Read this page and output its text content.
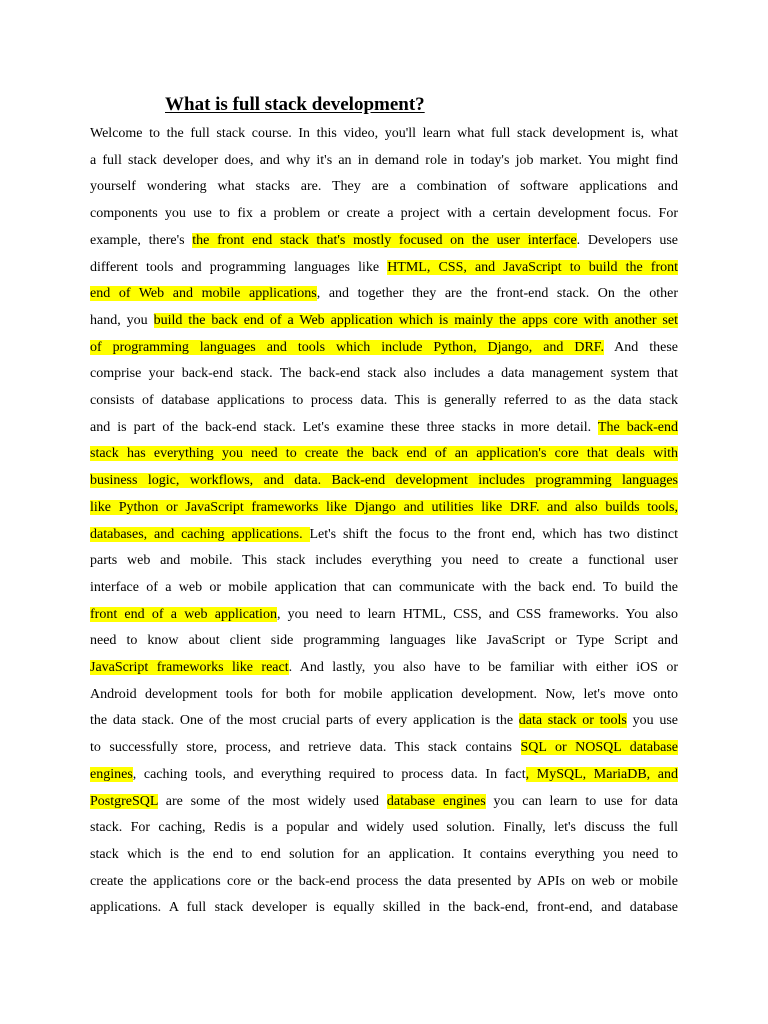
What is full stack development?
Welcome to the full stack course. In this video, you'll learn what full stack development is, what
a full stack developer does, and why it's an in demand role in today's job market. You might find
yourself wondering what stacks are. They are a combination of software applications and
components you use to fix a problem or create a project with a certain development focus. For
example, there's the front end stack that's mostly focused on the user interface. Developers use
different tools and programming languages like HTML, CSS, and JavaScript to build the front
end of Web and mobile applications, and together they are the front-end stack. On the other
hand, you build the back end of a Web application which is mainly the apps core with another set
of programming languages and tools which include Python, Django, and DRF. And these
comprise your back-end stack. The back-end stack also includes a data management system that
consists of database applications to process data. This is generally referred to as the data stack
and is part of the back-end stack. Let's examine these three stacks in more detail. The back-end
stack has everything you need to create the back end of an application's core that deals with
business logic, workflows, and data. Back-end development includes programming languages
like Python or JavaScript frameworks like Django and utilities like DRF. and also builds tools,
databases, and caching applications. Let's shift the focus to the front end, which has two distinct
parts web and mobile. This stack includes everything you need to create a functional user
interface of a web or mobile application that can communicate with the back end. To build the
front end of a web application, you need to learn HTML, CSS, and CSS frameworks. You also
need to know about client side programming languages like JavaScript or Type Script and
JavaScript frameworks like react. And lastly, you also have to be familiar with either iOS or
Android development tools for both for mobile application development. Now, let's move onto
the data stack. One of the most crucial parts of every application is the data stack or tools you use
to successfully store, process, and retrieve data. This stack contains SQL or NOSQL database
engines, caching tools, and everything required to process data. In fact, MySQL, MariaDB, and
PostgreSQL are some of the most widely used database engines you can learn to use for data
stack. For caching, Redis is a popular and widely used solution. Finally, let's discuss the full
stack which is the end to end solution for an application. It contains everything you need to
create the applications core or the back-end process the data presented by APIs on web or mobile
applications. A full stack developer is equally skilled in the back-end, front-end, and database
